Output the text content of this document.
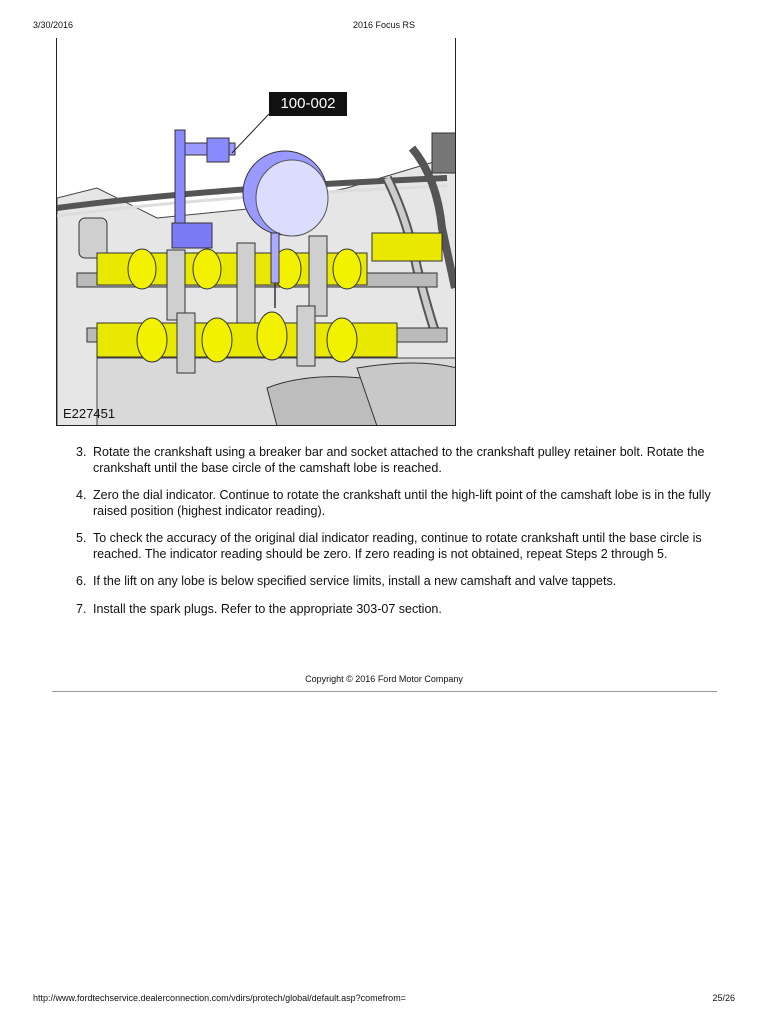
3/30/2016	2016 Focus RS
100-002
E227451
3. Rotate the crankshaft using a breaker bar and socket attached to the crankshaft pulley retainer bolt. Rotate the crankshaft until the base circle of the camshaft lobe is reached.
4. Zero the dial indicator. Continue to rotate the crankshaft until the high-lift point of the camshaft lobe is in the fully raised position (highest indicator reading).
5. To check the accuracy of the original dial indicator reading, continue to rotate crankshaft until the base circle is reached. The indicator reading should be zero. If zero reading is not obtained, repeat Steps 2 through 5.
6. If the lift on any lobe is below specified service limits, install a new camshaft and valve tappets.
7. Install the spark plugs. Refer to the appropriate 303-07 section.
Copyright © 2016 Ford Motor Company
http://www.fordtechservice.dealerconnection.com/vdirs/protech/global/default.asp?comefrom=	25/26
